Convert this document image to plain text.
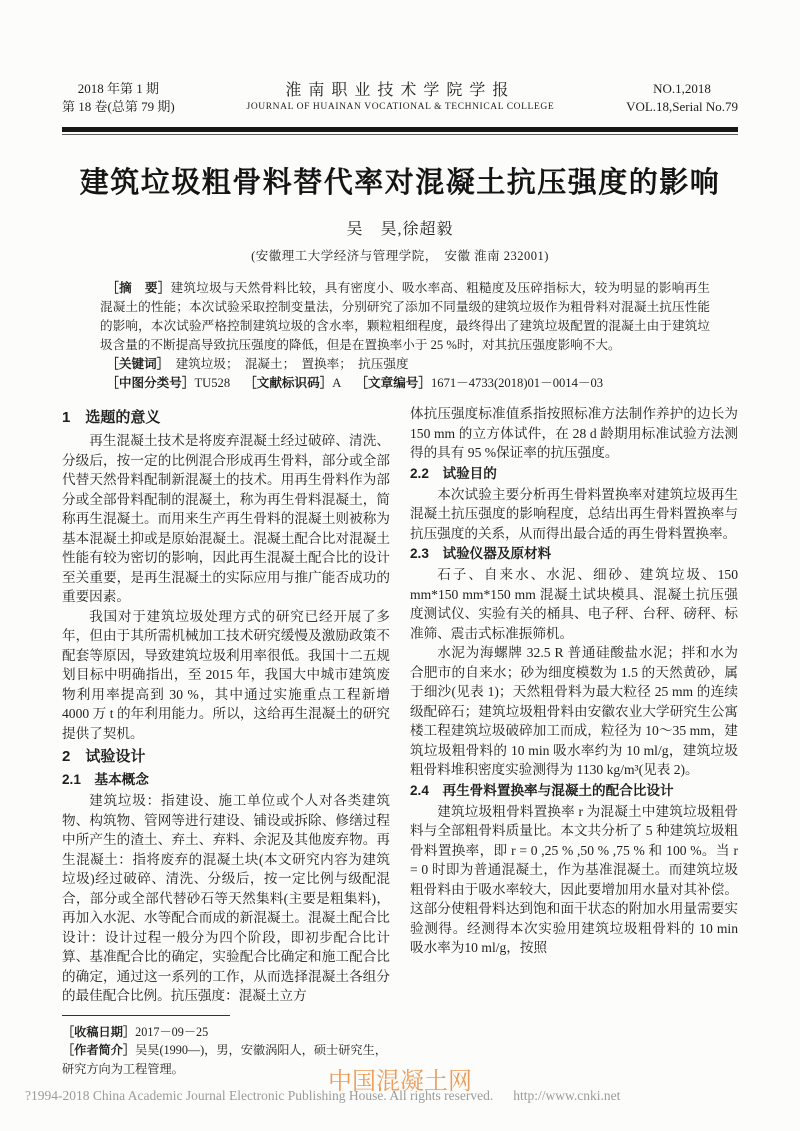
2018 年第 1 期
第 18 卷(总第 79 期)
淮南职业技术学院学报
JOURNAL OF HUAINAN VOCATIONAL & TECHNICAL COLLEGE
NO.1,2018
VOL.18,Serial No.79
建筑垃圾粗骨料替代率对混凝土抗压强度的影响
吴　昊,徐超毅
(安徽理工大学经济与管理学院，　安徽 淮南 232001)

［摘　要］建筑垃圾与天然骨料比较，具有密度小、吸水率高、粗糙度及压碎指标大，较为明显的影响再生混凝土的性能；本次试验采取控制变量法，分别研究了添加不同量级的建筑垃圾作为粗骨料对混凝土抗压性能的影响，本次试验严格控制建筑垃圾的含水率，颗粒粗细程度，最终得出了建筑垃圾配置的混凝土由于建筑垃圾含量的不断提高导致抗压强度的降低，但是在置换率小于 25 %时，对其抗压强度影响不大。

［关键词］　 建筑垃圾；　混凝土；　置换率；　抗压强度

［中图分类号］TU528 ［文献标识码］A ［文章编号］1671－4733(2018)01－0014－03

1　选题的意义

再生混凝土技术是将废弃混凝土经过破碎、清洗、分级后，按一定的比例混合形成再生骨料，部分或全部代替天然骨料配制新混凝土的技术。用再生骨料作为部分或全部骨料配制的混凝土，称为再生骨料混凝土，简称再生混凝土。而用来生产再生骨料的混凝土则被称为基本混凝土抑或是原始混凝土。混凝土配合比对混凝土性能有较为密切的影响，因此再生混凝土配合比的设计至关重要，是再生混凝土的实际应用与推广能否成功的重要因素。

我国对于建筑垃圾处理方式的研究已经开展了多年，但由于其所需机械加工技术研究缓慢及激励政策不配套等原因，导致建筑垃圾利用率很低。我国十二五规划目标中明确指出，至 2015 年，我国大中城市建筑废物利用率提高到 30 %，其中通过实施重点工程新增 4000 万 t 的年利用能力。所以，这给再生混凝土的研究提供了契机。

2　试验设计
2.1　基本概念

建筑垃圾：指建设、施工单位或个人对各类建筑物、构筑物、管网等进行建设、铺设或拆除、修缮过程中所产生的渣土、弃土、弃料、余泥及其他废弃物。再生混凝土：指将废弃的混凝土块(本文研究内容为建筑垃圾)经过破碎、清洗、分级后，按一定比例与级配混合，部分或全部代替砂石等天然集料(主要是粗集料)，再加入水泥、水等配合而成的新混凝土。混凝土配合比设计：设计过程一般分为四个阶段，即初步配合比计算、基准配合比的确定，实验配合比确定和施工配合比的确定，通过这一系列的工作，从而选择混凝土各组分的最佳配合比例。抗压强度：混凝土立方

［收稿日期］2017－09－25
［作者简介］吴昊(1990—)，男，安徽涡阳人，硕士研究生，研究方向为工程管理。

体抗压强度标准值系指按照标准方法制作养护的边长为 150 mm 的立方体试件，在 28 d 龄期用标准试验方法测得的具有 95 %保证率的抗压强度。

2.2　试验目的

本次试验主要分析再生骨料置换率对建筑垃圾再生混凝土抗压强度的影响程度，总结出再生骨料置换率与抗压强度的关系，从而得出最合适的再生骨料置换率。

2.3　试验仪器及原材料

石子、自来水、水泥、细砂、建筑垃圾、150 mm*150 mm*150 mm 混凝土试块模具、混凝土抗压强度测试仪、实验有关的桶具、电子秤、台秤、磅秤、标准筛、震击式标准振筛机。

水泥为海螺牌 32.5 R 普通硅酸盐水泥；拌和水为合肥市的自来水；砂为细度模数为 1.5 的天然黄砂，属于细沙(见表 1)；天然粗骨料为最大粒径 25 mm 的连续级配碎石；建筑垃圾粗骨料由安徽农业大学研究生公寓楼工程建筑垃圾破碎加工而成，粒径为 10～35 mm，建筑垃圾粗骨料的 10 min 吸水率约为 10 ml/g，建筑垃圾粗骨料堆积密度实验测得为 1130 kg/m³(见表 2)。

2.4　再生骨料置换率与混凝土的配合比设计

建筑垃圾粗骨料置换率 r 为混凝土中建筑垃圾粗骨料与全部粗骨料质量比。本文共分析了 5 种建筑垃圾粗骨料置换率，即 r = 0 ,25 % ,50 % ,75 % 和 100 %。当 r = 0 时即为普通混凝土，作为基准混凝土。而建筑垃圾粗骨料由于吸水率较大，因此要增加用水量对其补偿。这部分使粗骨料达到饱和面干状态的附加水用量需要实验测得。经测得本次实验用建筑垃圾粗骨料的 10 min 吸水率为10 ml/g，按照

中国混凝土网
?1994-2018 China Academic Journal Electronic Publishing House. All rights reserved. http://www.cnki.net
